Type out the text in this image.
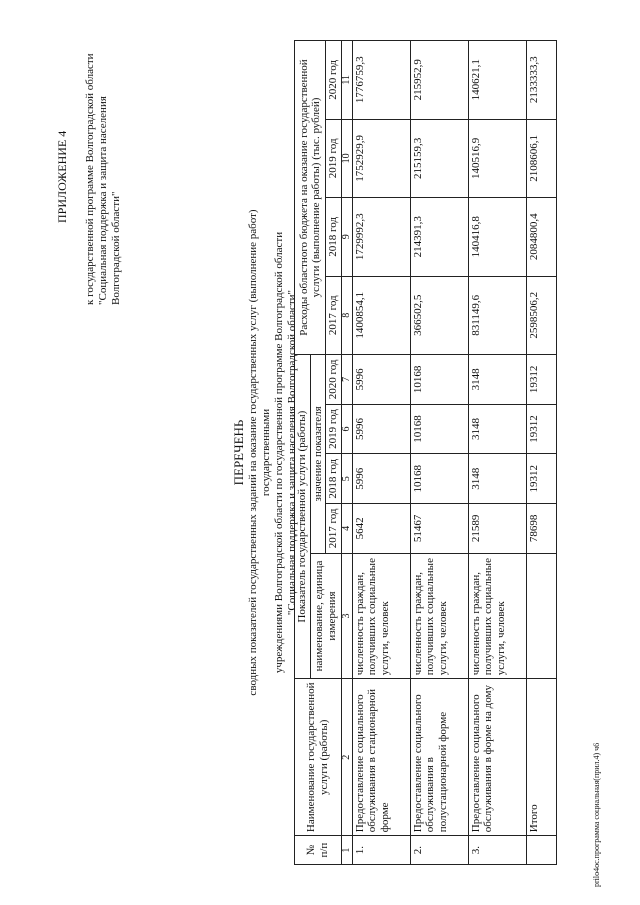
ПРИЛОЖЕНИЕ 4 к государственной программе Волгоградской области "Социальная поддержка и защита населения Волгоградской области"
ПЕРЕЧЕНЬ сводных показателей государственных заданий на оказание государственных услуг (выполнение работ) государственными учреждениями Волгоградской области по государственной программе Волгоградской области "Социальная поддержка и защита населения Волгоградской области"
№ п/п	Наименование государственной услуги (работы)	Показатель государственной услуги (работы)					Расходы областного бюджета на оказание государственной услуги (выполнение работы) (тыс. рублей)			
		наименование, единица измерения	значение показателя							
			2017 год	2018 год	2019 год	2020 год	2017 год	2018 год	2019 год	2020 год
1	2	3	4	5	6	7	8	9	10	11
1.	Предоставление социального обслуживания в стационарной форме	численность граждан, получивших социальные услуги, человек	5642	5996	5996	5996	1400854,1	1729992,3	1752929,9	1776759,3
2.	Предоставление социального обслуживания в полустационарной форме	численность граждан, получивших социальные услуги, человек	51467	10168	10168	10168	366502,5	214391,3	215159,3	215952,9
3.	Предоставление социального обслуживания в форме на дому	численность граждан, получивших социальные услуги, человек	21589	3148	3148	3148	831149,6	140416,8	140516,9	140621,1
	Итого		78698	19312	19312	19312	2598506,2	2084800,4	2108606,1	2133333,3
prilo4oc.программа социальная(прил.4) ч6
